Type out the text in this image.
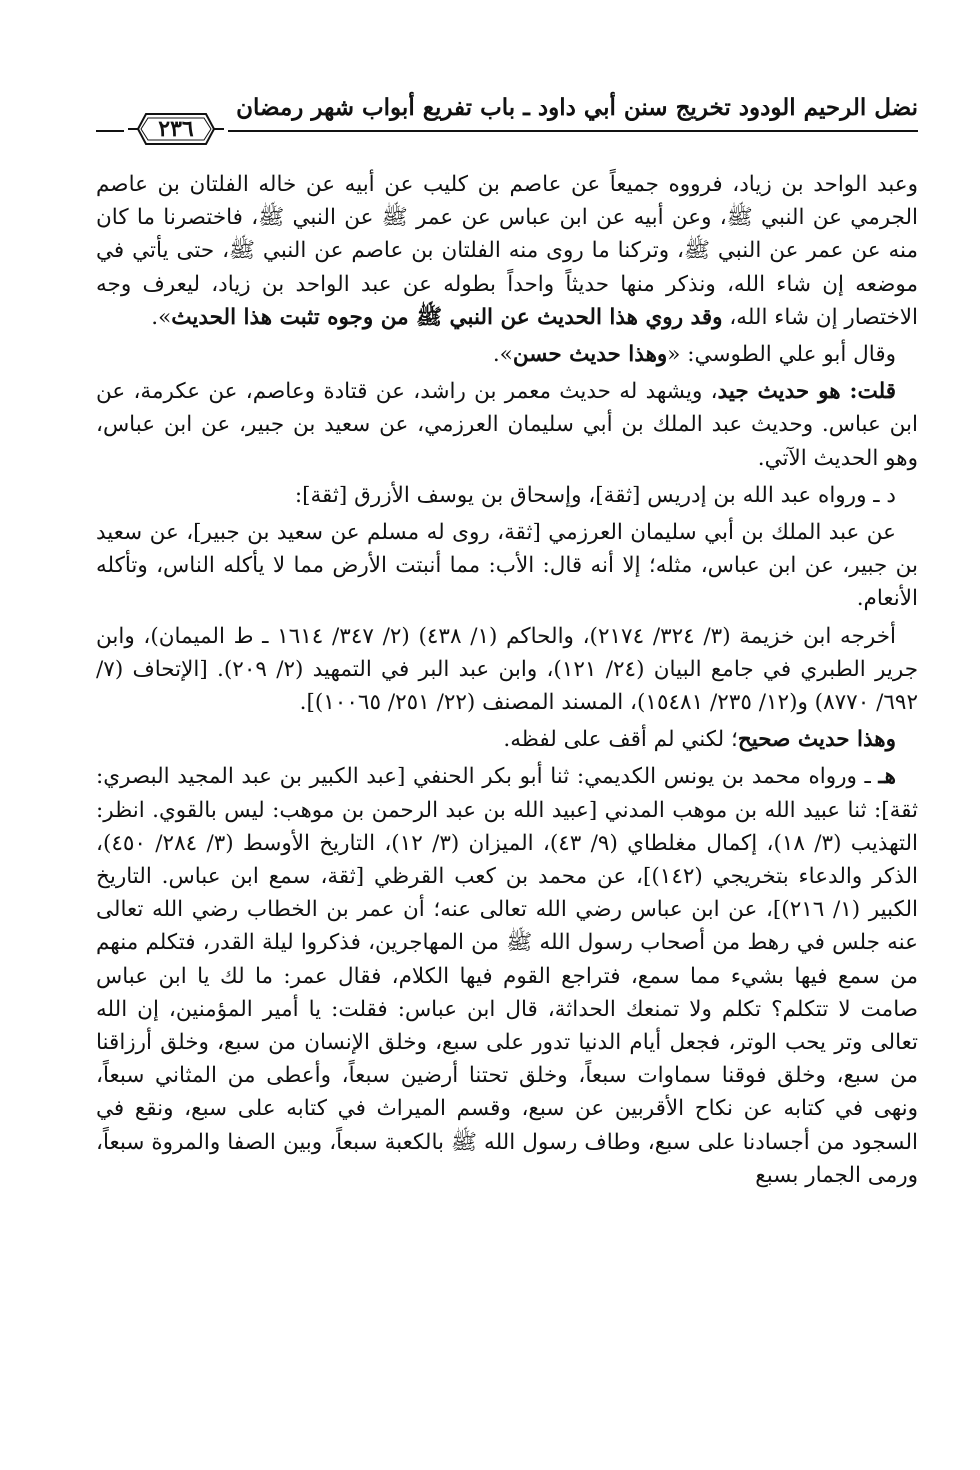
نضل الرحيم الودود تخريج سنن أبي داود ـ باب تفريع أبواب شهر رمضان
٢٣٦

وعبد الواحد بن زياد، فرووه جميعاً عن عاصم بن كليب عن أبيه عن خاله الفلتان بن عاصم الجرمي عن النبي ﷺ، وعن أبيه عن ابن عباس عن عمر ﷺ عن النبي ﷺ، فاختصرنا ما كان منه عن عمر عن النبي ﷺ، وتركنا ما روى منه الفلتان بن عاصم عن النبي ﷺ، حتى يأتي في موضعه إن شاء الله، ونذكر منها حديثاً واحداً بطوله عن عبد الواحد بن زياد، ليعرف وجه الاختصار إن شاء الله، وقد روي هذا الحديث عن النبي ﷺ من وجوه تثبت هذا الحديث».

وقال أبو علي الطوسي: «وهذا حديث حسن».

قلت: هو حديث جيد، ويشهد له حديث معمر بن راشد، عن قتادة وعاصم، عن عكرمة، عن ابن عباس. وحديث عبد الملك بن أبي سليمان العرزمي، عن سعيد بن جبير، عن ابن عباس، وهو الحديث الآتي.

د ـ ورواه عبد الله بن إدريس [ثقة]، وإسحاق بن يوسف الأزرق [ثقة]:

عن عبد الملك بن أبي سليمان العرزمي [ثقة، روى له مسلم عن سعيد بن جبير]، عن سعيد بن جبير، عن ابن عباس، مثله؛ إلا أنه قال: الأب: مما أنبتت الأرض مما لا يأكله الناس، وتأكله الأنعام.

أخرجه ابن خزيمة (٣/ ٣٢٤/ ٢١٧٤)، والحاكم (١/ ٤٣٨) (٢/ ٣٤٧/ ١٦١٤ ـ ط الميمان)، وابن جرير الطبري في جامع البيان (٢٤/ ١٢١)، وابن عبد البر في التمهيد (٢/ ٢٠٩). [الإتحاف (٧/ ٦٩٢/ ٨٧٧٠) و(١٢/ ٢٣٥/ ١٥٤٨١)، المسند المصنف (٢٢/ ٢٥١/ ١٠٠٦٥)].

وهذا حديث صحيح؛ لكني لم أقف على لفظه.

هـ ـ ورواه محمد بن يونس الكديمي: ثنا أبو بكر الحنفي [عبد الكبير بن عبد المجيد البصري: ثقة]: ثنا عبيد الله بن موهب المدني [عبيد الله بن عبد الرحمن بن موهب: ليس بالقوي. انظر: التهذيب (٣/ ١٨)، إكمال مغلطاي (٩/ ٤٣)، الميزان (٣/ ١٢)، التاريخ الأوسط (٣/ ٢٨٤/ ٤٥٠)، الذكر والدعاء بتخريجي (١٤٢)]، عن محمد بن كعب القرظي [ثقة، سمع ابن عباس. التاريخ الكبير (١/ ٢١٦)]، عن ابن عباس رضي الله تعالى عنه؛ أن عمر بن الخطاب رضي الله تعالى عنه جلس في رهط من أصحاب رسول الله ﷺ من المهاجرين، فذكروا ليلة القدر، فتكلم منهم من سمع فيها بشيء مما سمع، فتراجع القوم فيها الكلام، فقال عمر: ما لك يا ابن عباس صامت لا تتكلم؟ تكلم ولا تمنعك الحداثة، قال ابن عباس: فقلت: يا أمير المؤمنين، إن الله تعالى وتر يحب الوتر، فجعل أيام الدنيا تدور على سبع، وخلق الإنسان من سبع، وخلق أرزاقنا من سبع، وخلق فوقنا سماوات سبعاً، وخلق تحتنا أرضين سبعاً، وأعطى من المثاني سبعاً، ونهى في كتابه عن نكاح الأقربين عن سبع، وقسم الميراث في كتابه على سبع، ونقع في السجود من أجسادنا على سبع، وطاف رسول الله ﷺ بالكعبة سبعاً، وبين الصفا والمروة سبعاً، ورمى الجمار بسبع
